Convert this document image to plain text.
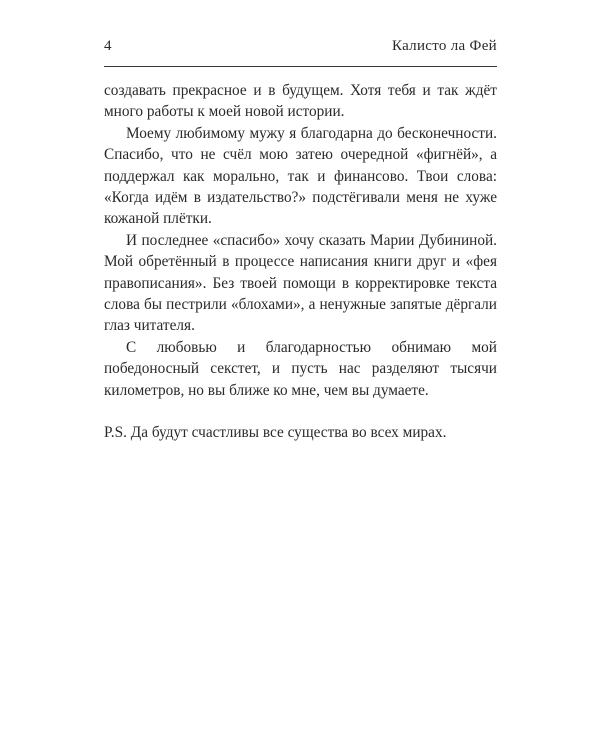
4	Калисто ла Фей

создавать прекрасное и в будущем. Хотя тебя и так ждёт много работы к моей новой истории.

Моему любимому мужу я благодарна до бесконечности. Спасибо, что не счёл мою затею очередной «фигнёй», а поддержал как морально, так и финансово. Твои слова: «Когда идём в издательство?» подстёгивали меня не хуже кожаной плётки.

И последнее «спасибо» хочу сказать Марии Дубининой. Мой обретённый в процессе написания книги друг и «фея правописания». Без твоей помощи в корректировке текста слова бы пестрили «блохами», а ненужные запятые дёргали глаз читателя.

С любовью и благодарностью обнимаю мой победоносный секстет, и пусть нас разделяют тысячи километров, но вы ближе ко мне, чем вы думаете.

P.S. Да будут счастливы все существа во всех мирах.
